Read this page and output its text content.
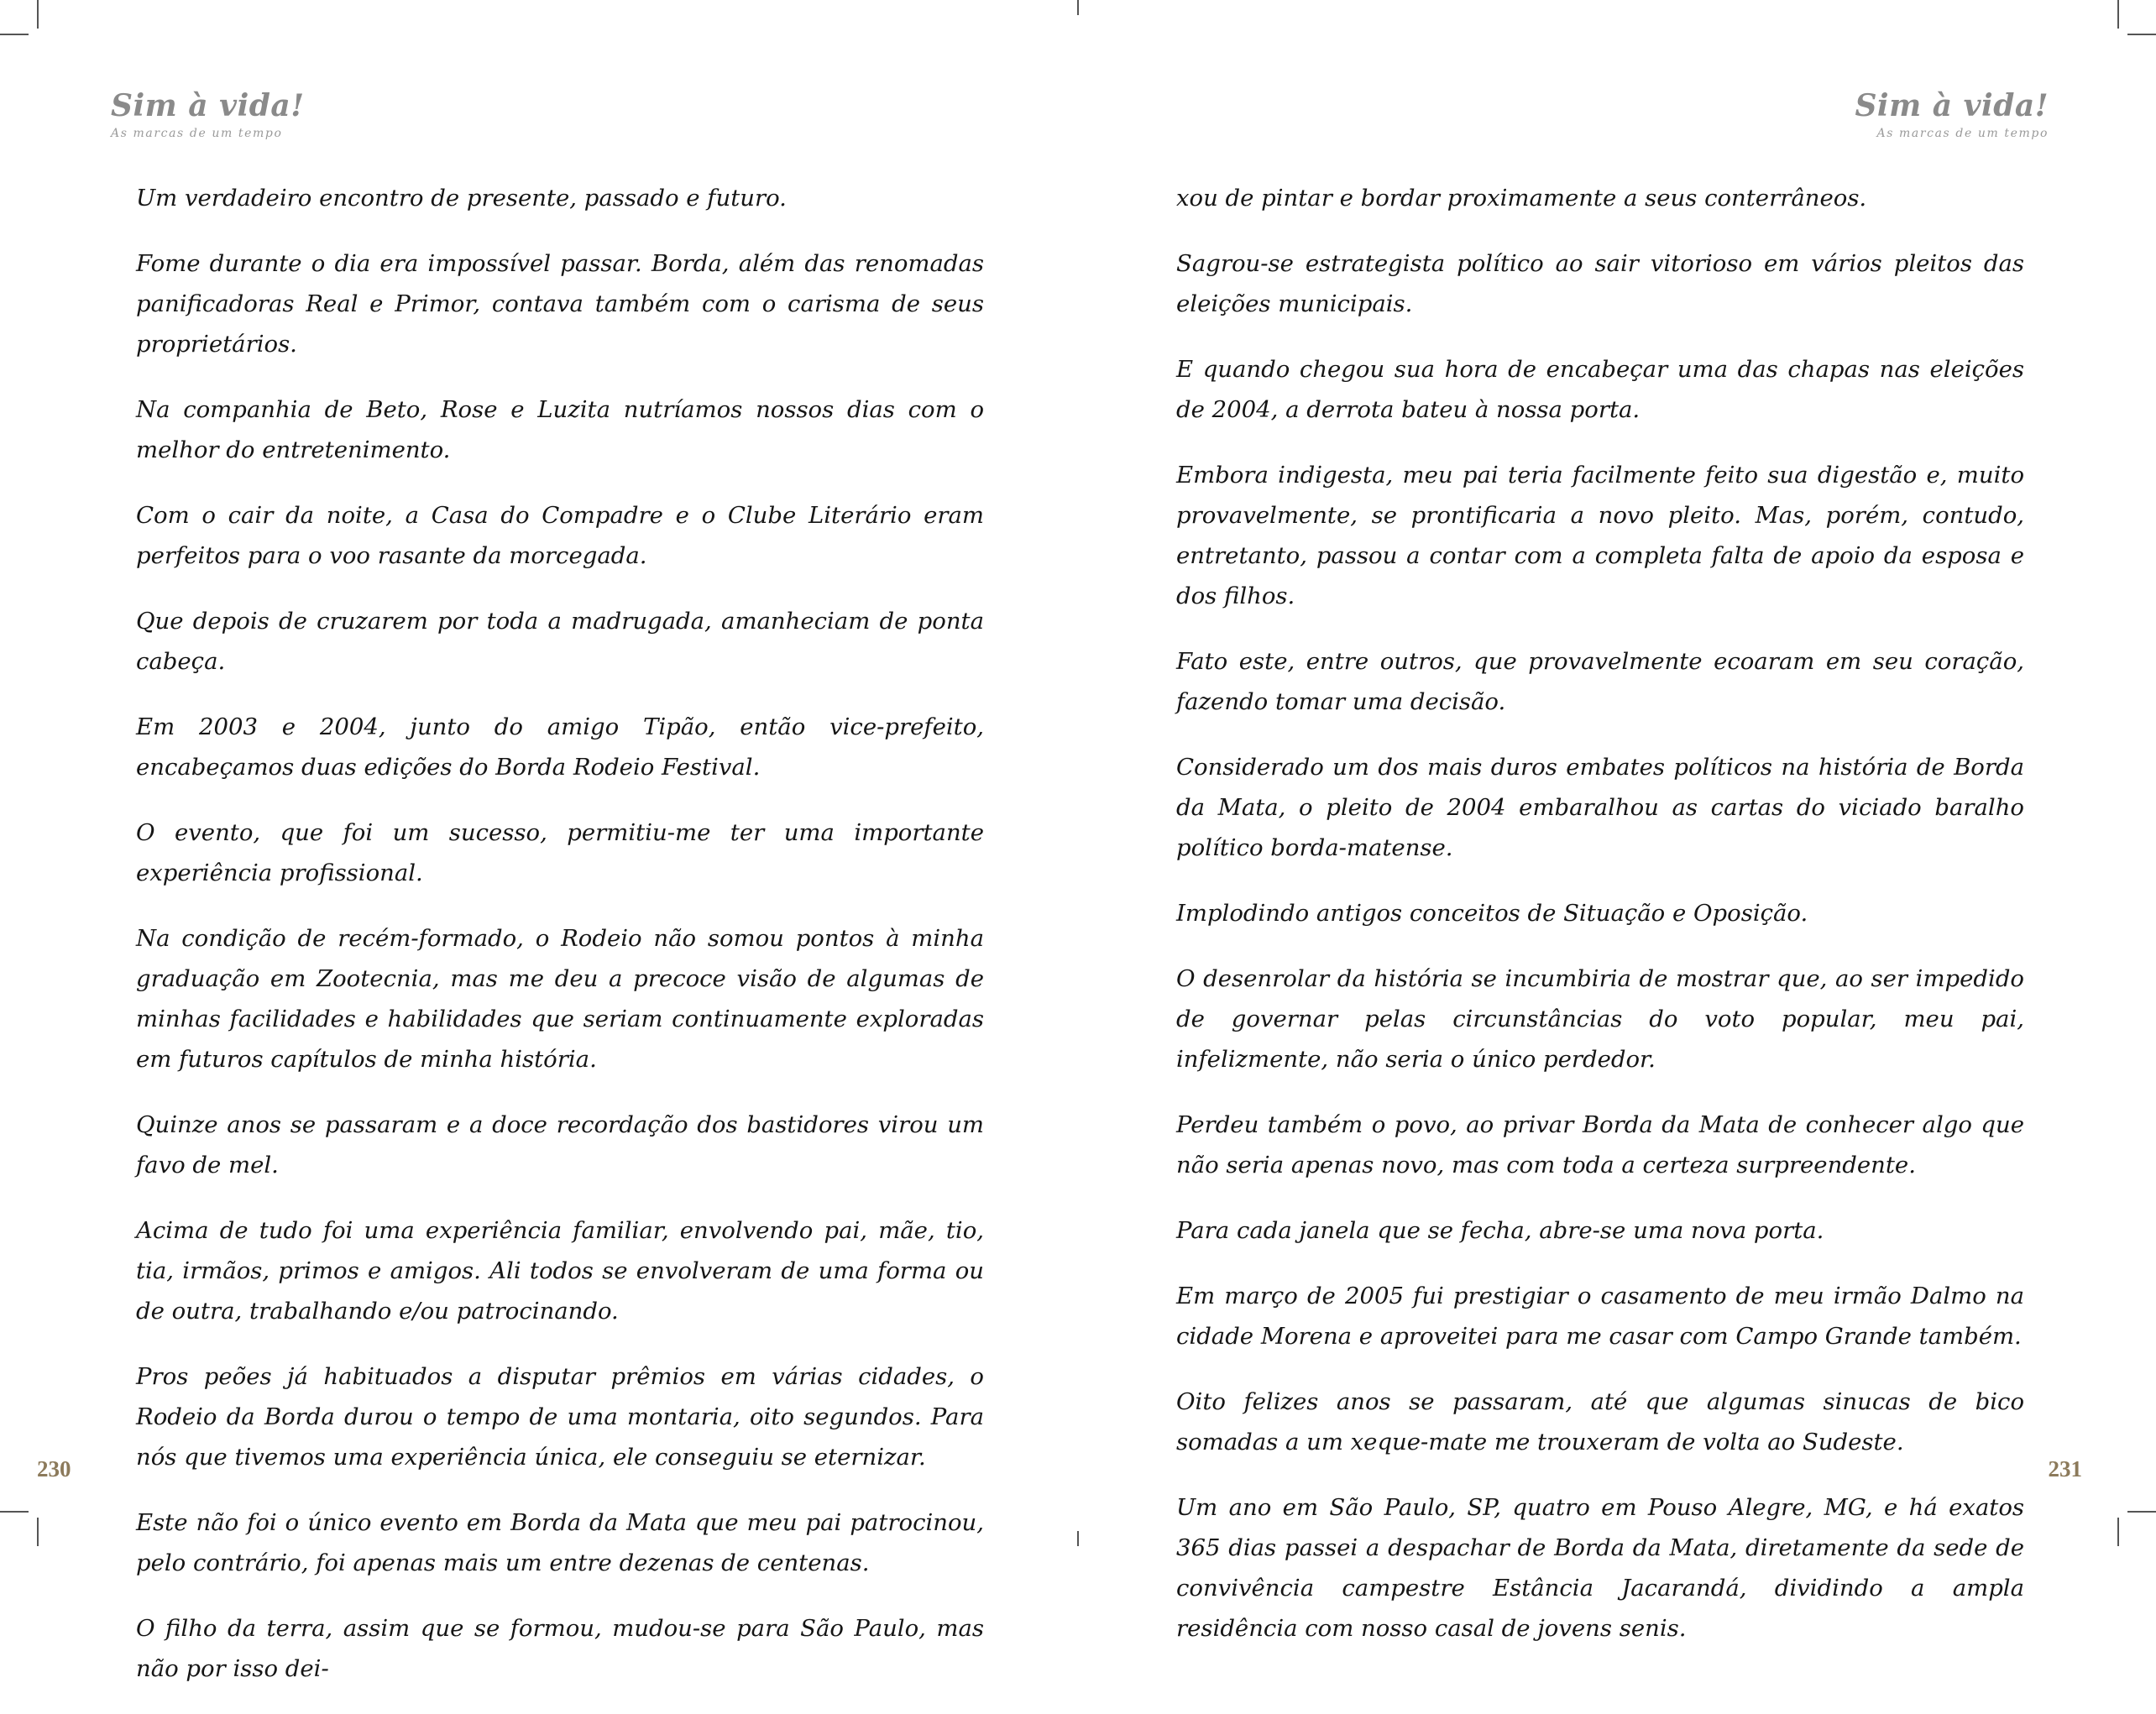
Sim à vida!
As marcas de um tempo

Um verdadeiro encontro de presente, passado e futuro.

Fome durante o dia era impossível passar. Borda, além das renomadas panificadoras Real e Primor, contava também com o carisma de seus proprietários.

Na companhia de Beto, Rose e Luzita nutríamos nossos dias com o melhor do entretenimento.

Com o cair da noite, a Casa do Compadre e o Clube Literário eram perfeitos para o voo rasante da morcegada.

Que depois de cruzarem por toda a madrugada, amanheciam de ponta cabeça.

Em 2003 e 2004, junto do amigo Tipão, então vice-prefeito, encabeçamos duas edições do Borda Rodeio Festival.

O evento, que foi um sucesso, permitiu-me ter uma importante experiência profissional.

Na condição de recém-formado, o Rodeio não somou pontos à minha graduação em Zootecnia, mas me deu a precoce visão de algumas de minhas facilidades e habilidades que seriam continuamente exploradas em futuros capítulos de minha história.

Quinze anos se passaram e a doce recordação dos bastidores virou um favo de mel.

Acima de tudo foi uma experiência familiar, envolvendo pai, mãe, tio, tia, irmãos, primos e amigos. Ali todos se envolveram de uma forma ou de outra, trabalhando e/ou patrocinando.

Pros peões já habituados a disputar prêmios em várias cidades, o Rodeio da Borda durou o tempo de uma montaria, oito segundos. Para nós que tivemos uma experiência única, ele conseguiu se eternizar.

Este não foi o único evento em Borda da Mata que meu pai patrocinou, pelo contrário, foi apenas mais um entre dezenas de centenas.

O filho da terra, assim que se formou, mudou-se para São Paulo, mas não por isso dei-

230
Sim à vida!
As marcas de um tempo

xou de pintar e bordar proximamente a seus conterrâneos.

Sagrou-se estrategista político ao sair vitorioso em vários pleitos das eleições municipais.

E quando chegou sua hora de encabeçar uma das chapas nas eleições de 2004, a derrota bateu à nossa porta.

Embora indigesta, meu pai teria facilmente feito sua digestão e, muito provavelmente, se prontificaria a novo pleito. Mas, porém, contudo, entretanto, passou a contar com a completa falta de apoio da esposa e dos filhos.

Fato este, entre outros, que provavelmente ecoaram em seu coração, fazendo tomar uma decisão.

Considerado um dos mais duros embates políticos na história de Borda da Mata, o pleito de 2004 embaralhou as cartas do viciado baralho político borda-matense.

Implodindo antigos conceitos de Situação e Oposição.

O desenrolar da história se incumbiria de mostrar que, ao ser impedido de governar pelas circunstâncias do voto popular, meu pai, infelizmente, não seria o único perdedor.

Perdeu também o povo, ao privar Borda da Mata de conhecer algo que não seria apenas novo, mas com toda a certeza surpreendente.

Para cada janela que se fecha, abre-se uma nova porta.

Em março de 2005 fui prestigiar o casamento de meu irmão Dalmo na cidade Morena e aproveitei para me casar com Campo Grande também.

Oito felizes anos se passaram, até que algumas sinucas de bico somadas a um xeque-mate me trouxeram de volta ao Sudeste.

Um ano em São Paulo, SP, quatro em Pouso Alegre, MG, e há exatos 365 dias passei a despachar de Borda da Mata, diretamente da sede de convivência campestre Estância Jacarandá, dividindo a ampla residência com nosso casal de jovens senis.

231
